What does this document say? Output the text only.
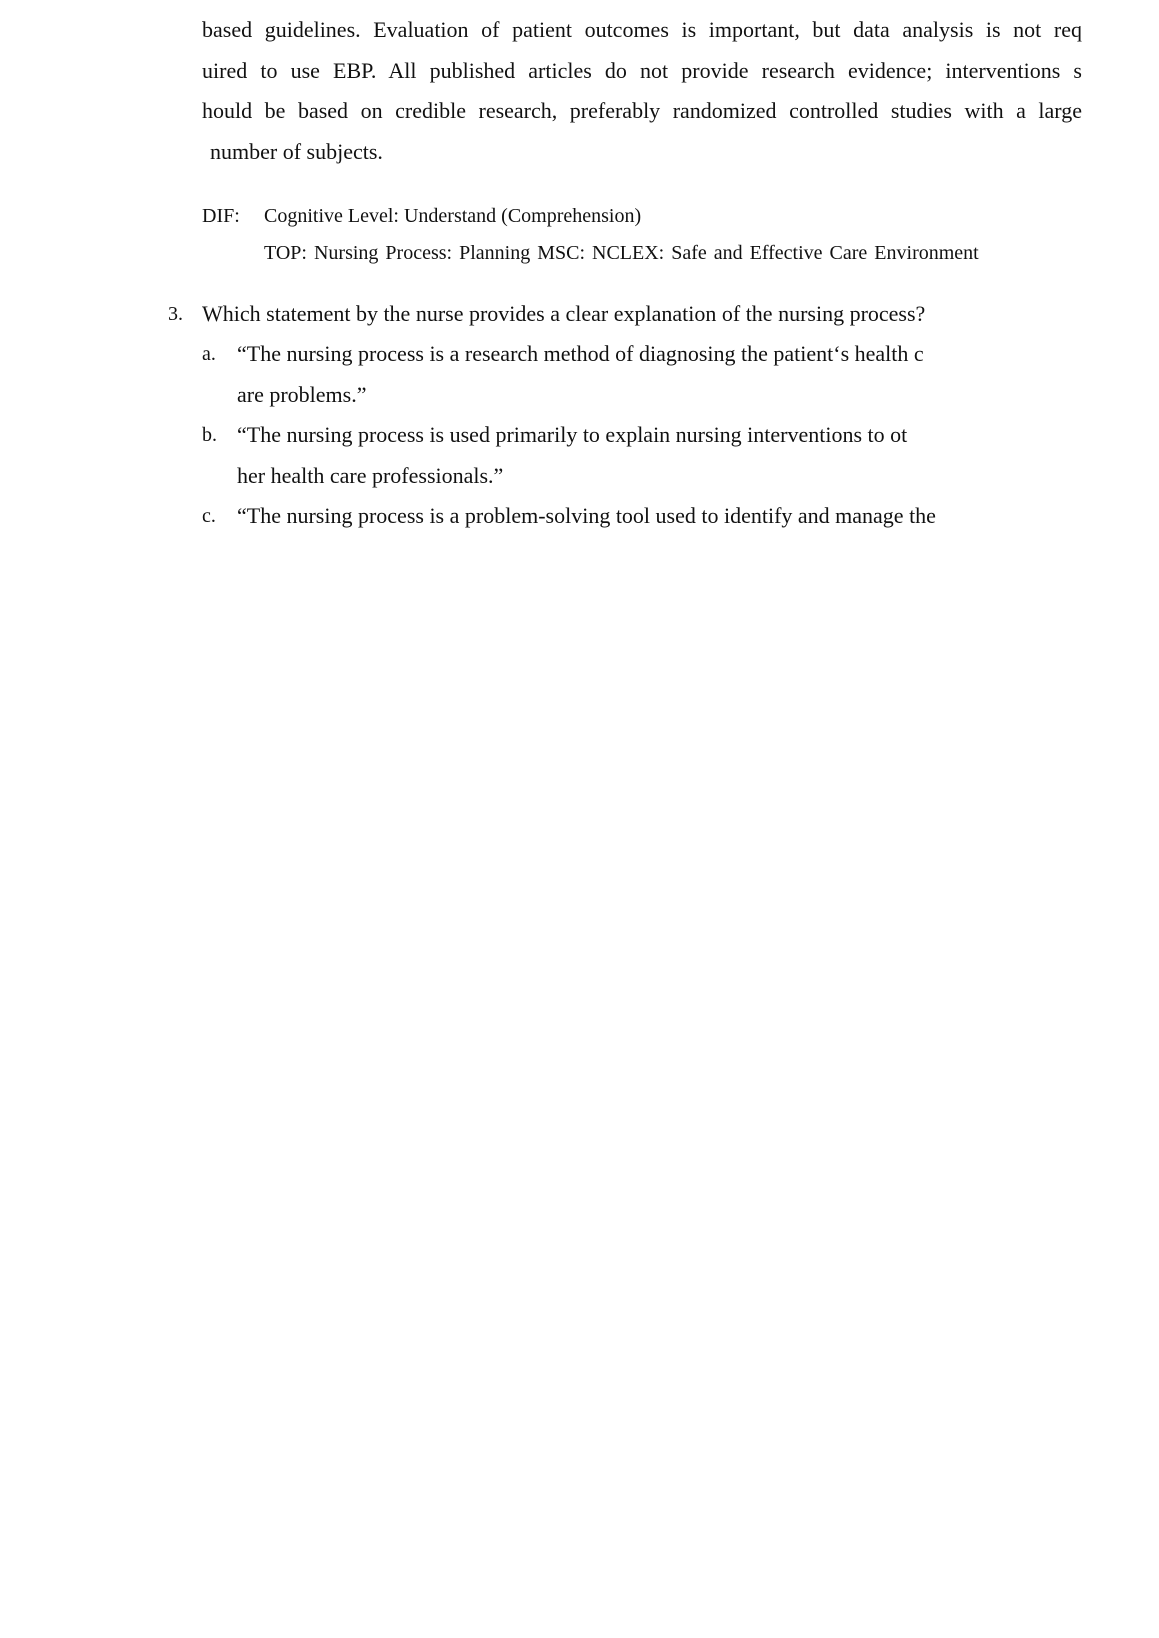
based guidelines. Evaluation of patient outcomes is important, but data analysis is not req
uired to use EBP. All published articles do not provide research evidence; interventions s
hould be based on credible research, preferably randomized controlled studies with a large
number of subjects.
DIF:	Cognitive Level: Understand (Comprehension)
TOP: Nursing Process: Planning MSC: NCLEX: Safe and Effective Care Environment
3. Which statement by the nurse provides a clear explanation of the nursing process?
a. “The nursing process is a research method of diagnosing the patient‘s health c
are problems.”
b. “The nursing process is used primarily to explain nursing interventions to ot
her health care professionals.”
c. “The nursing process is a problem-solving tool used to identify and manage the
